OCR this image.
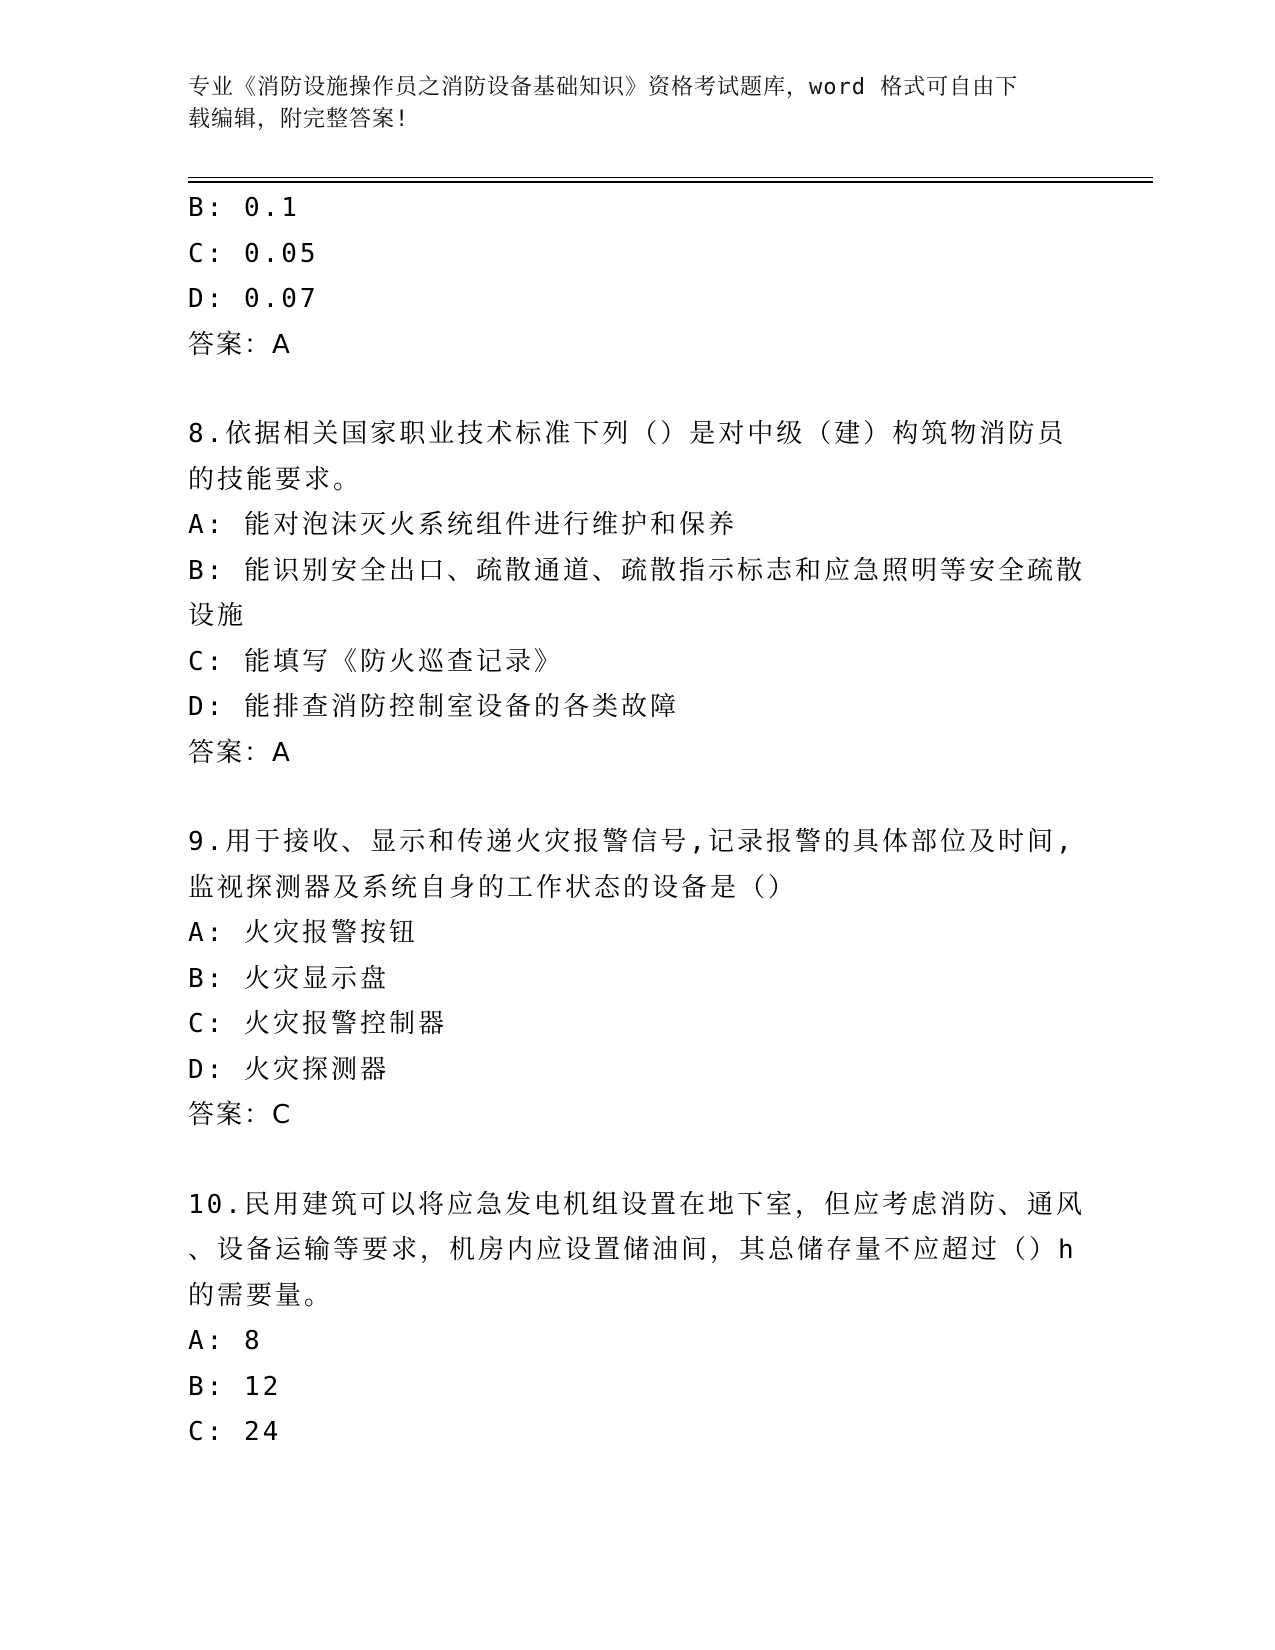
专业《消防设施操作员之消防设备基础知识》资格考试题库，word 格式可自由下
载编辑，附完整答案!
B: 0.1
C: 0.05
D: 0.07
答案：A
8.依据相关国家职业技术标准下列（）是对中级（建）构筑物消防员
的技能要求。
A: 能对泡沫灭火系统组件进行维护和保养
B: 能识别安全出口、疏散通道、疏散指示标志和应急照明等安全疏散
设施
C: 能填写《防火巡查记录》
D: 能排查消防控制室设备的各类故障
答案：A
9.用于接收、显示和传递火灾报警信号,记录报警的具体部位及时间,
监视探测器及系统自身的工作状态的设备是（）
A: 火灾报警按钮
B: 火灾显示盘
C: 火灾报警控制器
D: 火灾探测器
答案：C
10.民用建筑可以将应急发电机组设置在地下室，但应考虑消防、通风
、设备运输等要求，机房内应设置储油间，其总储存量不应超过（）h
的需要量。
A: 8
B: 12
C: 24
